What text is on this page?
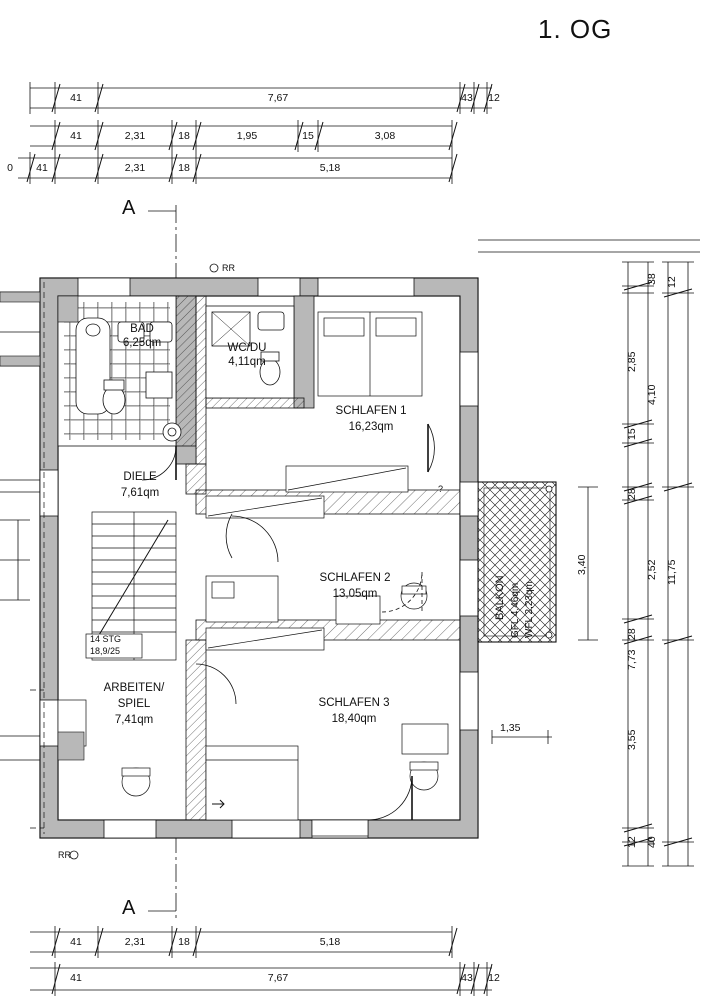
?
1. OG
41	7,67	43 12
41	2,31	18	1,95	15	3,08
0 41	2,31	18	5,18
41	2,31	18	5,18
41	7,67	43 12
38 12
2,85
15
28
28
3,55
12 40
4,10
2,52
7,73
11,75
3,40
1,35
A
A
RR
RR
BAD
6,25qm	WC/DU
4,11qm
SCHLAFEN 1
16,23qm
DIELE
7,61qm
SCHLAFEN 2
13,05qm
SCHLAFEN 3
18,40qm
ARBEITEN/
SPIEL
7,41qm
BALKON GFL 4,46qm WFL 2,23qm
14 STG
18,9/25
